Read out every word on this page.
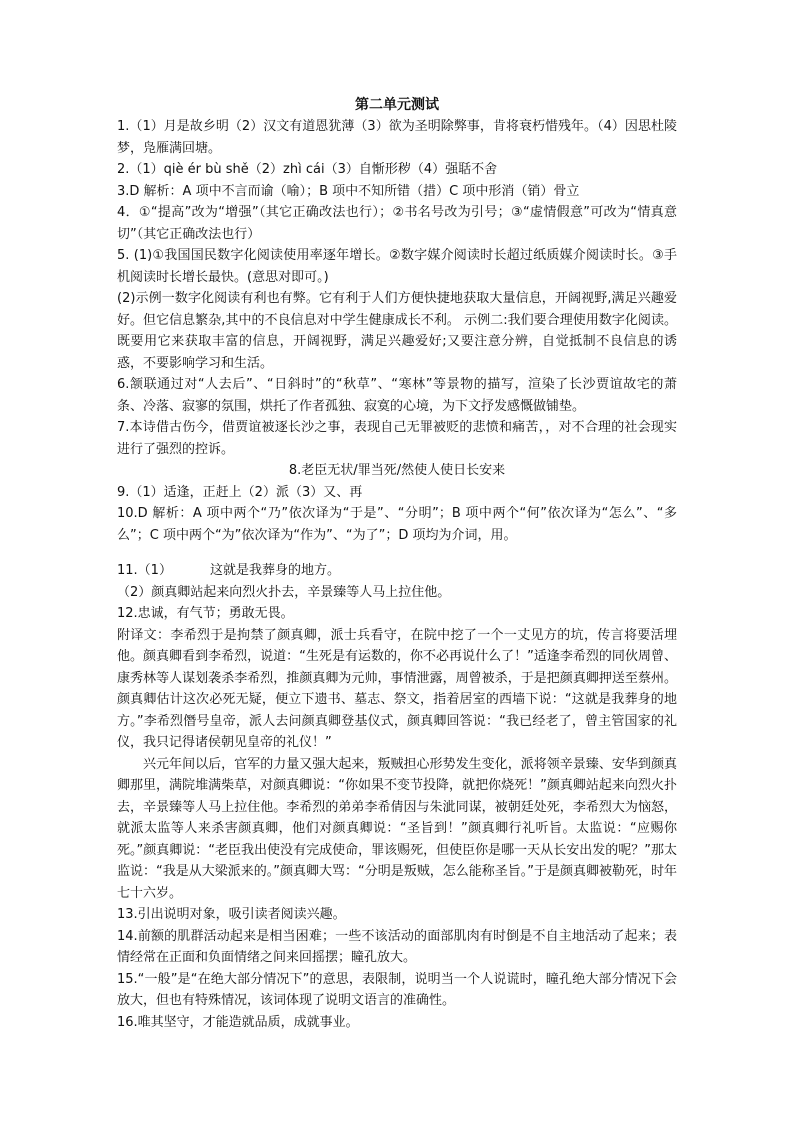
第二单元测试

1.（1）月是故乡明（2）汉文有道恩犹薄（3）欲为圣明除弊事，肯将衰朽惜残年。（4）因思杜陵梦，凫雁满回塘。

2.（1）qiè ér bù shě（2）zhì cái（3）自惭形秽（4）强聒不舍

3.D 解析：A 项中不言而谕（喻）；B 项中不知所错（措）C 项中形消（销）骨立

4．①“提高”改为“增强”（其它正确改法也行）；②书名号改为引号；③“虚情假意”可改为“情真意切”（其它正确改法也行）

5. (1)①我国国民数字化阅读使用率逐年增长。②数字媒介阅读时长超过纸质媒介阅读时长。③手机阅读时长增长最快。(意思对即可。)

(2)示例一数字化阅读有利也有弊。它有利于人们方便快捷地获取大量信息，开阔视野,满足兴趣爱好。但它信息繁杂,其中的不良信息对中学生健康成长不利。 示例二:我们要合理使用数字化阅读。既要用它来获取丰富的信息，开阔视野，满足兴趣爱好;又要注意分辨，自觉抵制不良信息的诱惑，不要影响学习和生活。

6.颔联通过对“人去后”、“日斜时”的“秋草”、“寒林”等景物的描写，渲染了长沙贾谊故宅的萧条、冷落、寂寥的氛围，烘托了作者孤独、寂寞的心境，为下文抒发感慨做铺垫。

7.本诗借古伤今，借贾谊被逐长沙之事，表现自己无罪被贬的悲愤和痛苦，，对不合理的社会现实进行了强烈的控诉。

8.老臣无状/罪当死/然使人使日长安来

9.（1）适逢，正赶上（2）派（3）又、再

10.D 解析：A 项中两个“乃”依次译为“于是”、“分明”；B 项中两个“何”依次译为“怎么”、“多么”；C 项中两个“为”依次译为“作为”、“为了”；D 项均为介词，用。

11.（1）	这就是我葬身的地方。

（2）颜真卿站起来向烈火扑去，辛景臻等人马上拉住他。

12.忠诚，有气节；勇敢无畏。

附译文：李希烈于是拘禁了颜真卿，派士兵看守，在院中挖了一个一丈见方的坑，传言将要活埋他。颜真卿看到李希烈，说道：“生死是有运数的，你不必再说什么了！”适逢李希烈的同伙周曾、康秀林等人谋划袭杀李希烈，推颜真卿为元帅，事情泄露，周曾被杀，于是把颜真卿押送至蔡州。颜真卿估计这次必死无疑，便立下遗书、墓志、祭文，指着居室的西墙下说：“这就是我葬身的地方。”李希烈僭号皇帝，派人去问颜真卿登基仪式，颜真卿回答说：“我已经老了，曾主管国家的礼仪，我只记得诸侯朝见皇帝的礼仪！”

兴元年间以后，官军的力量又强大起来，叛贼担心形势发生变化，派将领辛景臻、安华到颜真卿那里，满院堆满柴草，对颜真卿说：“你如果不变节投降，就把你烧死！”颜真卿站起来向烈火扑去，辛景臻等人马上拉住他。李希烈的弟弟李希倩因与朱泚同谋，被朝廷处死，李希烈大为恼怒，就派太监等人来杀害颜真卿，他们对颜真卿说：“圣旨到！”颜真卿行礼听旨。太监说：“应赐你死。”颜真卿说：“老臣我出使没有完成使命，罪该赐死，但使臣你是哪一天从长安出发的呢？”那太监说：“我是从大梁派来的。”颜真卿大骂：“分明是叛贼，怎么能称圣旨。”于是颜真卿被勒死，时年七十六岁。

13.引出说明对象，吸引读者阅读兴趣。

14.前额的肌群活动起来是相当困难；一些不该活动的面部肌肉有时倒是不自主地活动了起来；表情经常在正面和负面情绪之间来回摇摆；瞳孔放大。

15.“一般”是“在绝大部分情况下”的意思，表限制，说明当一个人说谎时，瞳孔绝大部分情况下会放大，但也有特殊情况，该词体现了说明文语言的准确性。

16.唯其坚守，才能造就品质，成就事业。
